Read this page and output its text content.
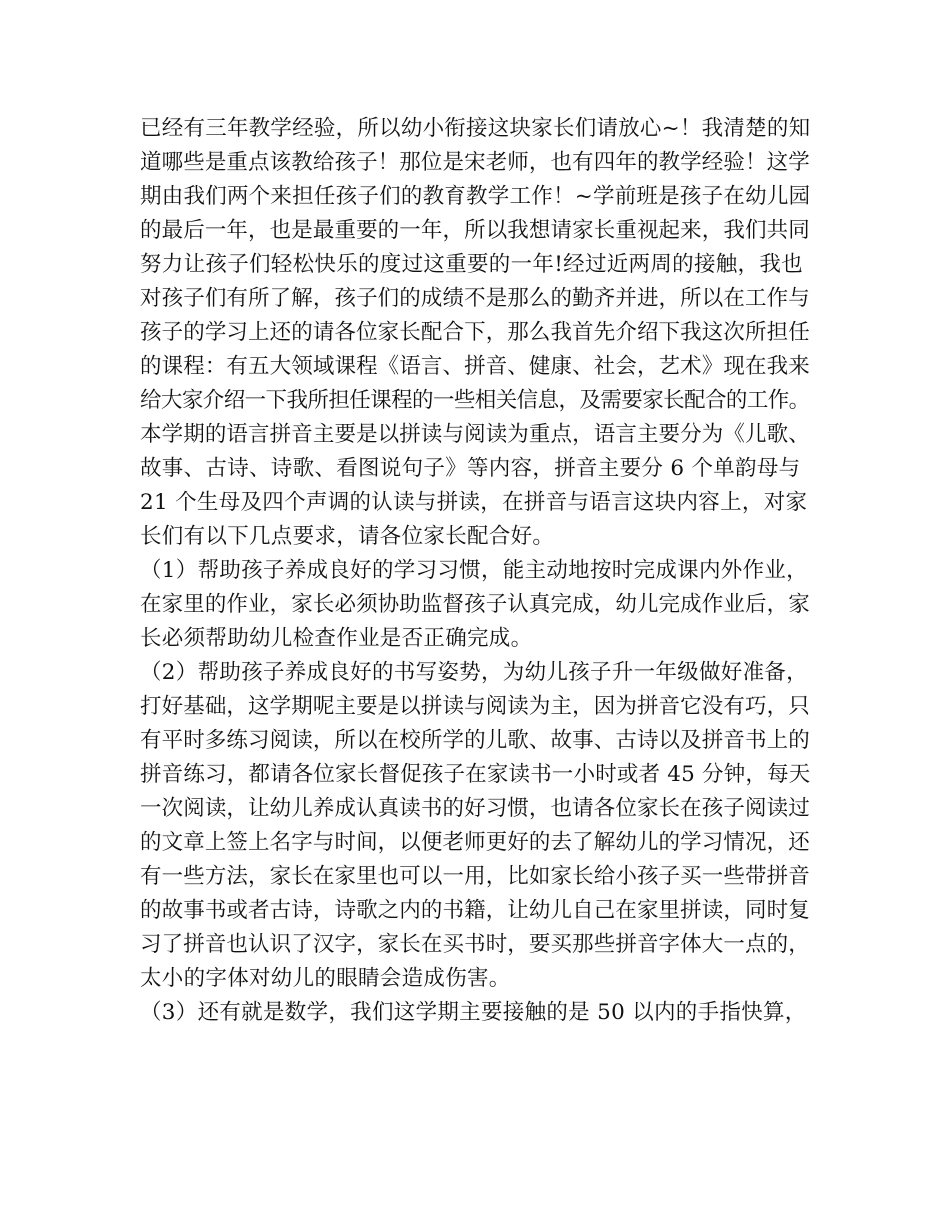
已经有三年教学经验，所以幼小衔接这块家长们请放心~！我清楚的知
道哪些是重点该教给孩子！那位是宋老师，也有四年的教学经验！这学
期由我们两个来担任孩子们的教育教学工作！~学前班是孩子在幼儿园
的最后一年，也是最重要的一年，所以我想请家长重视起来，我们共同
努力让孩子们轻松快乐的度过这重要的一年!经过近两周的接触，我也
对孩子们有所了解，孩子们的成绩不是那么的勤齐并进，所以在工作与
孩子的学习上还的请各位家长配合下，那么我首先介绍下我这次所担任
的课程：有五大领域课程《语言、拼音、健康、社会，艺术》现在我来
给大家介绍一下我所担任课程的一些相关信息，及需要家长配合的工作。
本学期的语言拼音主要是以拼读与阅读为重点，语言主要分为《儿歌、
故事、古诗、诗歌、看图说句子》等内容，拼音主要分 6 个单韵母与
21 个生母及四个声调的认读与拼读，在拼音与语言这块内容上，对家
长们有以下几点要求，请各位家长配合好。
（1）帮助孩子养成良好的学习习惯，能主动地按时完成课内外作业，
在家里的作业，家长必须协助监督孩子认真完成，幼儿完成作业后，家
长必须帮助幼儿检查作业是否正确完成。
（2）帮助孩子养成良好的书写姿势，为幼儿孩子升一年级做好准备，
打好基础，这学期呢主要是以拼读与阅读为主，因为拼音它没有巧，只
有平时多练习阅读，所以在校所学的儿歌、故事、古诗以及拼音书上的
拼音练习，都请各位家长督促孩子在家读书一小时或者 45 分钟，每天
一次阅读，让幼儿养成认真读书的好习惯，也请各位家长在孩子阅读过
的文章上签上名字与时间，以便老师更好的去了解幼儿的学习情况，还
有一些方法，家长在家里也可以一用，比如家长给小孩子买一些带拼音
的故事书或者古诗，诗歌之内的书籍，让幼儿自己在家里拼读，同时复
习了拼音也认识了汉字，家长在买书时，要买那些拼音字体大一点的，
太小的字体对幼儿的眼睛会造成伤害。
（3）还有就是数学，我们这学期主要接触的是 50 以内的手指快算，
